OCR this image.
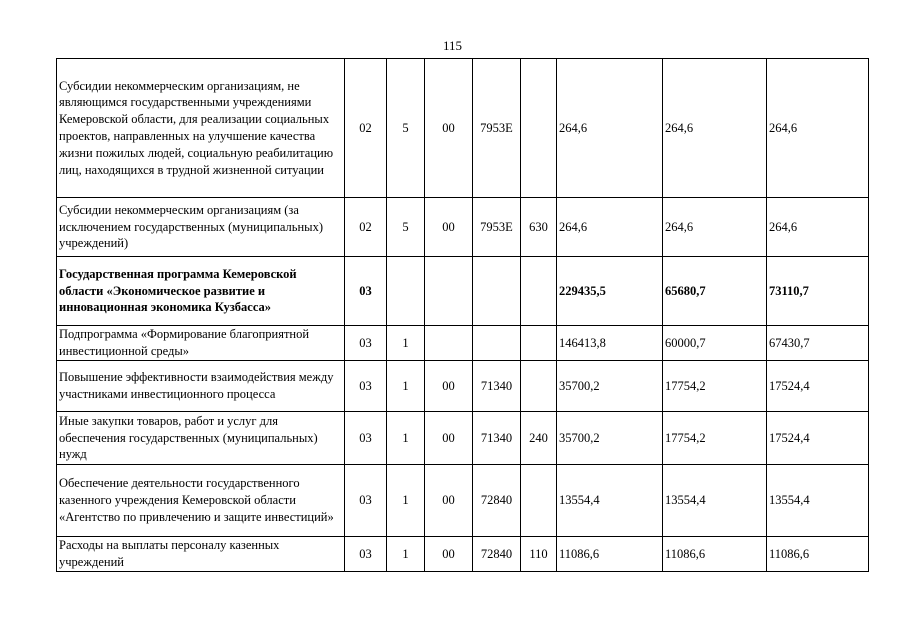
115
Субсидии некоммерческим организациям, не являющимся государственными учреждениями Кемеровской области, для реализации социальных проектов, направленных на улучшение качества жизни пожилых людей, социальную реабилитацию лиц, находящихся в трудной жизненной ситуации	02	5	00	7953Е		264,6	264,6	264,6
Субсидии некоммерческим организациям (за исключением государственных (муниципальных) учреждений)	02	5	00	7953Е	630	264,6	264,6	264,6
Государственная программа Кемеровской области «Экономическое развитие и инновационная экономика Кузбасса»	03					229435,5	65680,7	73110,7
Подпрограмма «Формирование благоприятной инвестиционной среды»	03	1				146413,8	60000,7	67430,7
Повышение эффективности взаимодействия между участниками инвестиционного процесса	03	1	00	71340		35700,2	17754,2	17524,4
Иные закупки товаров, работ и услуг для обеспечения государственных (муниципальных) нужд	03	1	00	71340	240	35700,2	17754,2	17524,4
Обеспечение деятельности государственного казенного учреждения Кемеровской области «Агентство по привлечению и защите инвестиций»	03	1	00	72840		13554,4	13554,4	13554,4
Расходы на выплаты персоналу казенных учреждений	03	1	00	72840	110	11086,6	11086,6	11086,6
